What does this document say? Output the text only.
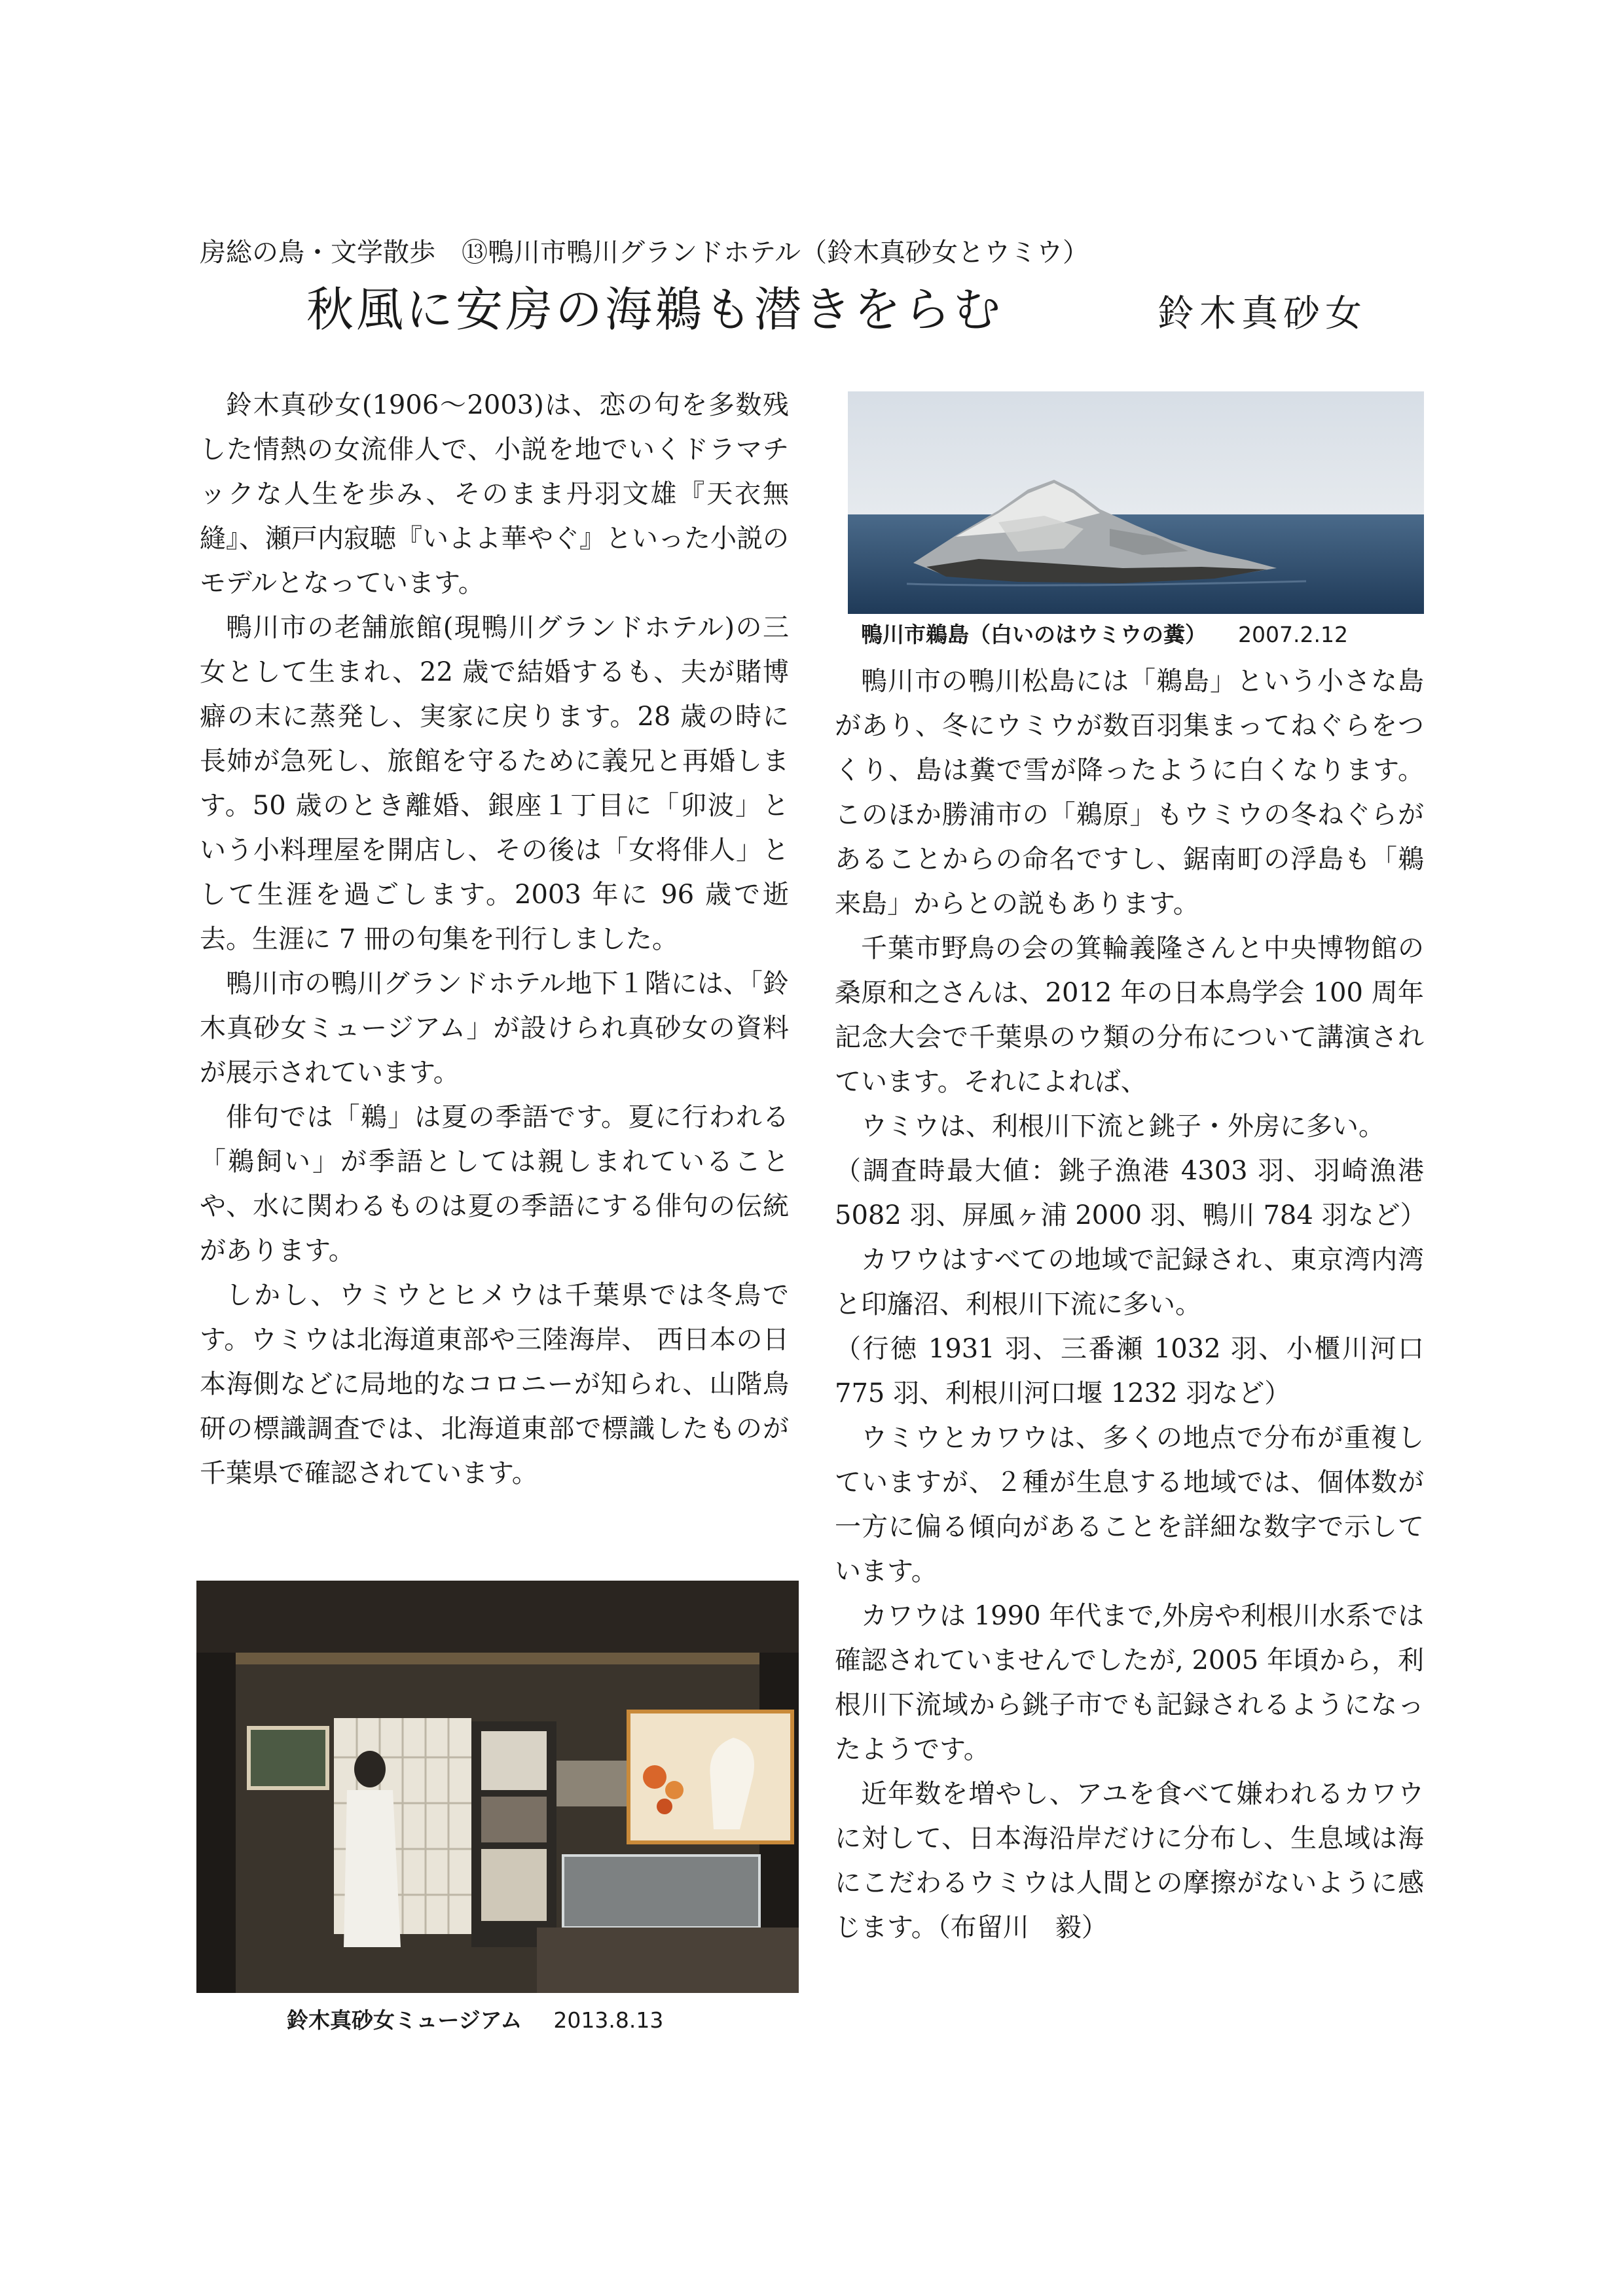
房総の鳥・文学散歩　⑬鴨川市鴨川グランドホテル（鈴木真砂女とウミウ）
秋風に安房の海鵜も潜きをらむ	鈴木真砂女

鈴木真砂女(1906～2003)は、恋の句を多数残した情熱の女流俳人で、小説を地でいくドラマチックな人生を歩み、そのまま丹羽文雄『天衣無縫』、瀬戸内寂聴『いよよ華やぐ』といった小説のモデルとなっています。

鴨川市の老舗旅館(現鴨川グランドホテル)の三女として生まれ、22 歳で結婚するも、夫が賭博癖の末に蒸発し、実家に戻ります。28 歳の時に長姉が急死し、旅館を守るために義兄と再婚します。50 歳のとき離婚、銀座１丁目に「卯波」という小料理屋を開店し、その後は「女将俳人」として生涯を過ごします。2003 年に 96 歳で逝去。生涯に 7 冊の句集を刊行しました。

鴨川市の鴨川グランドホテル地下１階には、「鈴木真砂女ミュージアム」が設けられ真砂女の資料が展示されています。

俳句では「鵜」は夏の季語です。夏に行われる「鵜飼い」が季語としては親しまれていることや、水に関わるものは夏の季語にする俳句の伝統があります。

しかし、ウミウとヒメウは千葉県では冬鳥です。ウミウは北海道東部や三陸海岸、 西日本の日本海側などに局地的なコロニーが知られ、山階鳥研の標識調査では、北海道東部で標識したものが千葉県で確認されています。

鴨川市鵜島（白いのはウミウの糞） 2007.2.12

鴨川市の鴨川松島には「鵜島」という小さな島があり、冬にウミウが数百羽集まってねぐらをつくり、島は糞で雪が降ったように白くなります。このほか勝浦市の「鵜原」もウミウの冬ねぐらがあることからの命名ですし、鋸南町の浮島も「鵜来島」からとの説もあります。

千葉市野鳥の会の箕輪義隆さんと中央博物館の桑原和之さんは、2012 年の日本鳥学会 100 周年記念大会で千葉県のウ類の分布について講演されています。それによれば、

ウミウは、利根川下流と銚子・外房に多い。

（調査時最大値：銚子漁港 4303 羽、羽崎漁港 5082 羽、屏風ヶ浦 2000 羽、鴨川 784 羽など）

カワウはすべての地域で記録され、東京湾内湾と印旛沼、利根川下流に多い。

（行徳 1931 羽、三番瀬 1032 羽、小櫃川河口 775 羽、利根川河口堰 1232 羽など）

ウミウとカワウは、多くの地点で分布が重複していますが、２種が生息する地域では、個体数が一方に偏る傾向があることを詳細な数字で示しています。

カワウは 1990 年代まで,外房や利根川水系では確認されていませんでしたが, 2005 年頃から，利根川下流域から銚子市でも記録されるようになったようです。

近年数を増やし、アユを食べて嫌われるカワウに対して、日本海沿岸だけに分布し、生息域は海にこだわるウミウは人間との摩擦がないように感じます。（布留川　毅）

鈴木真砂女ミュージアム 2013.8.13
